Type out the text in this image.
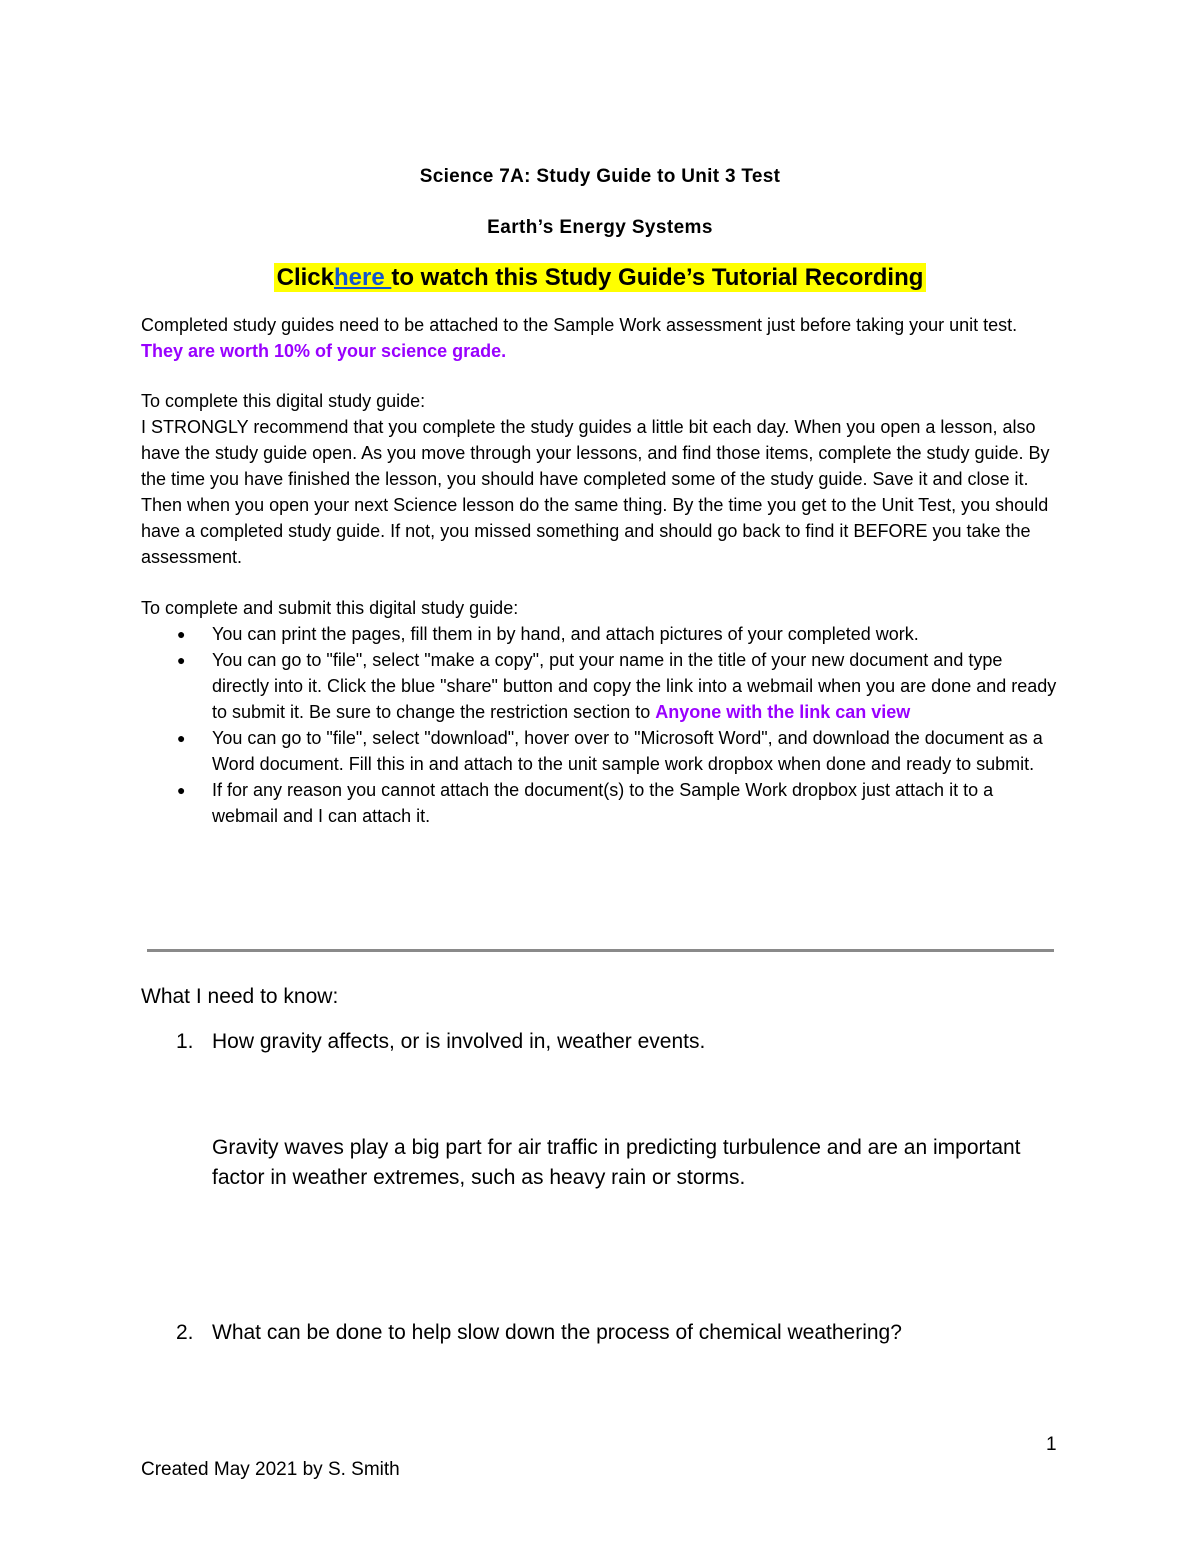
Science 7A: Study Guide to Unit 3 Test
Earth’s Energy Systems
Clickhere to watch this Study Guide’s Tutorial Recording
Completed study guides need to be attached to the Sample Work assessment just before taking your unit test. They are worth 10% of your science grade.
To complete this digital study guide:
I STRONGLY recommend that you complete the study guides a little bit each day. When you open a lesson, also have the study guide open. As you move through your lessons, and find those items, complete the study guide. By the time you have finished the lesson, you should have completed some of the study guide. Save it and close it. Then when you open your next Science lesson do the same thing. By the time you get to the Unit Test, you should have a completed study guide. If not, you missed something and should go back to find it BEFORE you take the assessment.
To complete and submit this digital study guide:
● You can print the pages, fill them in by hand, and attach pictures of your completed work.
● You can go to "file", select "make a copy", put your name in the title of your new document and type directly into it. Click the blue "share" button and copy the link into a webmail when you are done and ready to submit it. Be sure to change the restriction section to Anyone with the link can view
● You can go to "file", select "download", hover over to "Microsoft Word", and download the document as a Word document. Fill this in and attach to the unit sample work dropbox when done and ready to submit.
● If for any reason you cannot attach the document(s) to the Sample Work dropbox just attach it to a webmail and I can attach it.
What I need to know:
1. How gravity affects, or is involved in, weather events.
Gravity waves play a big part for air traffic in predicting turbulence and are an important factor in weather extremes, such as heavy rain or storms.
2. What can be done to help slow down the process of chemical weathering?
1
Created May 2021 by S. Smith
